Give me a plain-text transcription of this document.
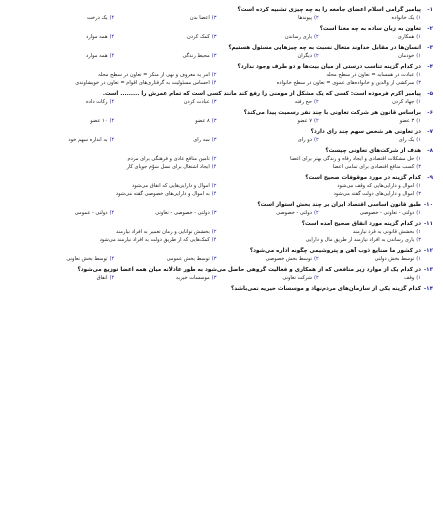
۱-پیامبر گرامی اسلام اعضای جامعه را به چه چیزی تشبیه کرده است؟
۱)یک خانواده
۲)پیوندها
۳)اعضا بدن
۴)یک درخت
۲-تعاون به زبان ساده به چه معنا است؟
۱)همکاری
۲)یاری رساندن
۳)کمک کردن
۴)همه موارد
۳-انسان‌ها در مقابل خداوند متعال نسبت به چه چیزهایی مسئول هستیم؟
۱)خودمان
۲)دیگران
۳)محیط زندگی
۴)همه موارد
۴-در کدام گزینه تناسب درستی از میان بیت‌ها و دو طرف وجود ندارد؟
۱)عبادت در همسایه = تعاون در سطح محله
۲)امر به معروف و نهی از منکر = تعاون در سطح محله
۳)سرکشی از والدین و خانواده‌های عموی = تعاون در سطح خانواده
۴)احساس مسئولیت به گرفتاری‌های اقوام = تعاون در خویشاوندی
۵-پیامبر اکرم فرموده است: کسی که یک مشکل از مومنی را رفع کند مانند کسی است که تمام عمرش را ......... است.
۱)جهاد کردن
۲)حج رفته
۳)عبادت کردن
۴)زکات داده
۶-براساس قانون هر شرکت تعاونی با چند نفر رسمیت پیدا می‌کند؟
۱)۳ عضو
۲)۷ عضو
۳)۸ عضو
۴)۱۰ عضو
۷-در تعاونی هر شخص سهم چند رای دارد؟
۱)یک رای
۲)دو رای
۳)سه رای
۴)به اندازه سهم خود
۸-هدف از شرکت‌های تعاونی چیست؟
۱)حل مشکلات اقتصادی و ایجاد رفاه و زندگی بهتر برای اعضا
۲)تامین منافع عادی و فرهنگی برای مردم
۳)کسب منافع اقتصادی برای تمامی اعضا
۴)ایجاد اشتغال برای نسل سوّم جویای کار
۹-کدام گزینه در مورد موقوفات صحیح است؟
۱)اموال و دارایی‌هایی که وقف می‌شود
۲)اموال و دارایی‌هایی که انفاق می‌شود
۳)اموال و دارایی‌های دولت گفته می‌شود
۴)به اموال و دارایی‌های خصوصی گفته می‌شود
۱۰-طبق قانون اساسی اقتصاد ایران بر چند بخش استوار است؟
۱)دولتی - تعاونی - خصوصی
۲)دولتی - خصوصی
۳)دولتی - خصوصی - تعاونی
۴)دولتی - عمومی
۱۱-در کدام گزینه مورد انفاق صحیح آمده است؟
۱)بخشش قانونی به فرد نیازمند
۲)بخشش توانایی و زمان تعمیر به افراد نیازمند
۳)یاری رساندن به افراد نیازمند از طریق مال و دارایی
۴)کمک‌هایی که از طریق دولت به افراد نیازمند می‌شود
۱۲-در کشور ما صنایع ذوب آهن و پتروشیمی چگونه اداره می‌شود؟
۱)توسط بخش دولتی
۲)توسط بخش خصوصی
۳)توسط بخش عمومی
۴)توسط بخش تعاونی
۱۳-در کدام یک از موارد زیر منافعی که از همکاری و فعالیت گروهی حاصل می‌شود به طور عادلانه میان همه اعضا توزیع می‌شود؟
۱)وقف
۲)شرکت تعاونی
۳)موسسات خیریه
۴)انفاق
۱۴-کدام گزینه یکی از سازمان‌های مردم‌نهاد و موسسات خیریه نمی‌باشد؟
